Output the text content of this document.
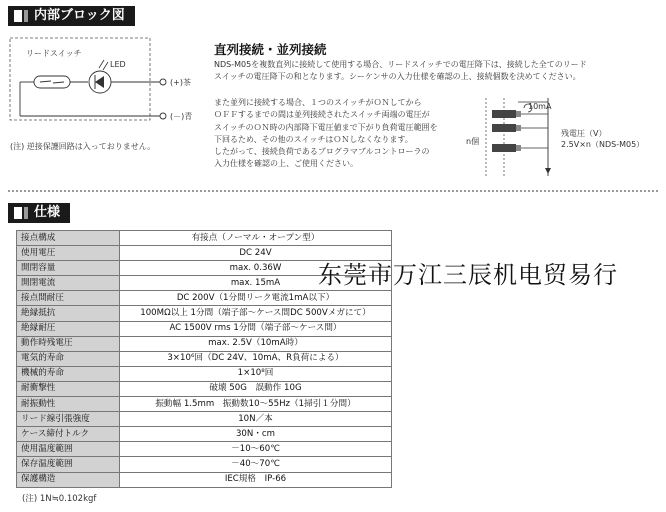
内部ブロック図
リードスイッチ
LED
(+)茶
(－)青
(注) 逆接保護回路は入っておりません。
直列接続・並列接続
NDS-M05を複数直列に接続して使用する場合、リードスイッチでの電圧降下は、接続した全てのリード
スイッチの電圧降下の和となります。シーケンサの入力仕様を確認の上、接続個数を決めてください。
また並列に接続する場合、１つのスイッチがＯＮしてから
ＯＦＦするまでの間は並列接続されたスイッチ両端の電圧が
スイッチのＯＮ時の内部降下電圧値まで下がり負荷電圧範囲を
下回るため、その他のスイッチはＯＮしなくなります。
したがって、接続負荷であるプログラマブルコントローラの
入力仕様を確認の上、ご使用ください。
10mA
n個
残電圧（V）
2.5V×n（NDS-M05）
仕様
接点構成	有接点（ノーマル・オープン型）
使用電圧	DC 24V
開閉容量	max. 0.36W
開閉電流	max. 15mA
接点間耐圧	DC 200V（1分間リーク電流1mA以下）
絶縁抵抗	100MΩ以上 1分間（端子部～ケース間DC 500Vメガにて）
絶縁耐圧	AC 1500V rms 1分間（端子部～ケース間）
動作時残電圧	max. 2.5V（10mA時）
電気的寿命	3×10⁶回（DC 24V、10mA、R負荷による）
機械的寿命	1×10⁸回
耐衝撃性	破壊 50G　誤動作 10G
耐振動性	振動幅 1.5mm　振動数10～55Hz（1掃引１分間）
リード線引張強度	10N／本
ケース締付トルク	30N・cm
使用温度範囲	－10～60℃
保存温度範囲	－40～70℃
保護構造	IEC規格　IP-66
(注) 1N≒0.102kgf
东莞市万江三辰机电贸易行
